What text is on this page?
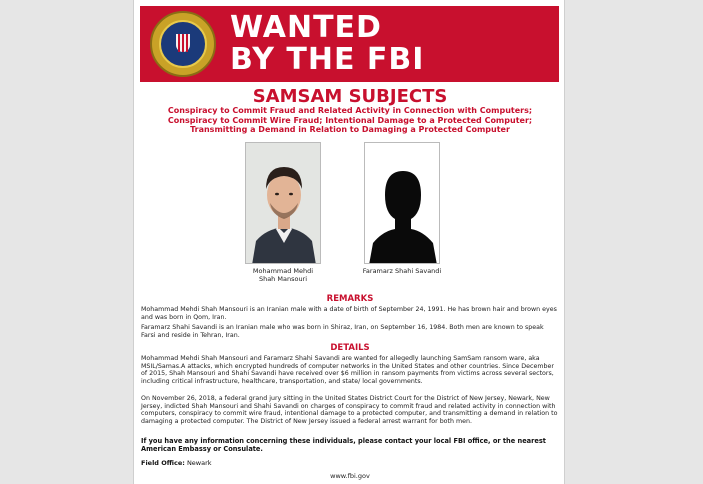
WANTED
BY THE FBI
SAMSAM SUBJECTS
Conspiracy to Commit Fraud and Related Activity in Connection with Computers;
Conspiracy to Commit Wire Fraud; Intentional Damage to a Protected Computer;
Transmitting a Demand in Relation to Damaging a Protected Computer
Mohammad Mehdi
Shah Mansouri
Faramarz Shahi Savandi
REMARKS
Mohammad Mehdi Shah Mansouri is an Iranian male with a date of birth of September 24, 1991. He has brown hair and brown eyes and was born in Qom, Iran.
Faramarz Shahi Savandi is an Iranian male who was born in Shiraz, Iran, on September 16, 1984. Both men are known to speak Farsi and reside in Tehran, Iran.
DETAILS
Mohammad Mehdi Shah Mansouri and Faramarz Shahi Savandi are wanted for allegedly launching SamSam ransom ware, aka MSIL/Samas.A attacks, which encrypted hundreds of computer networks in the United States and other countries. Since December of 2015, Shah Mansouri and Shahi Savandi have received over $6 million in ransom payments from victims across several sectors, including critical infrastructure, healthcare, transportation, and state/ local governments.
On November 26, 2018, a federal grand jury sitting in the United States District Court for the District of New Jersey, Newark, New Jersey, indicted Shah Mansouri and Shahi Savandi on charges of conspiracy to commit fraud and related activity in connection with computers, conspiracy to commit wire fraud, intentional damage to a protected computer, and transmitting a demand in relation to damaging a protected computer. The District of New Jersey issued a federal arrest warrant for both men.
If you have any information concerning these individuals, please contact your local FBI office, or the nearest American Embassy or Consulate.
Field Office: Newark
www.fbi.gov
